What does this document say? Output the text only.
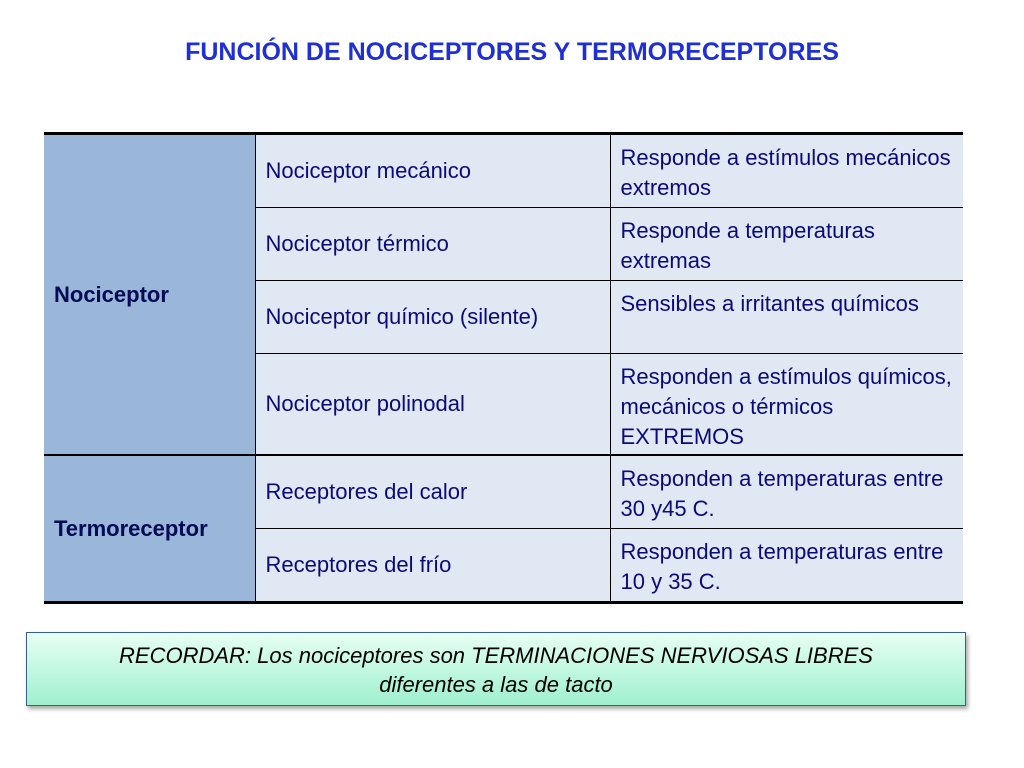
FUNCIÓN DE NOCICEPTORES Y TERMORECEPTORES
Nociceptor	Nociceptor mecánico	Responde a estímulos mecánicos extremos
	Nociceptor térmico	Responde a temperaturas extremas
	Nociceptor químico (silente)	Sensibles a irritantes químicos
	Nociceptor polinodal	Responden a estímulos químicos, mecánicos o térmicos EXTREMOS
Termoreceptor	Receptores del calor	Responden a temperaturas entre 30 y45 C.
	Receptores del frío	Responden a temperaturas entre 10 y 35 C.
RECORDAR: Los nociceptores son TERMINACIONES NERVIOSAS LIBRES
diferentes a las de tacto
